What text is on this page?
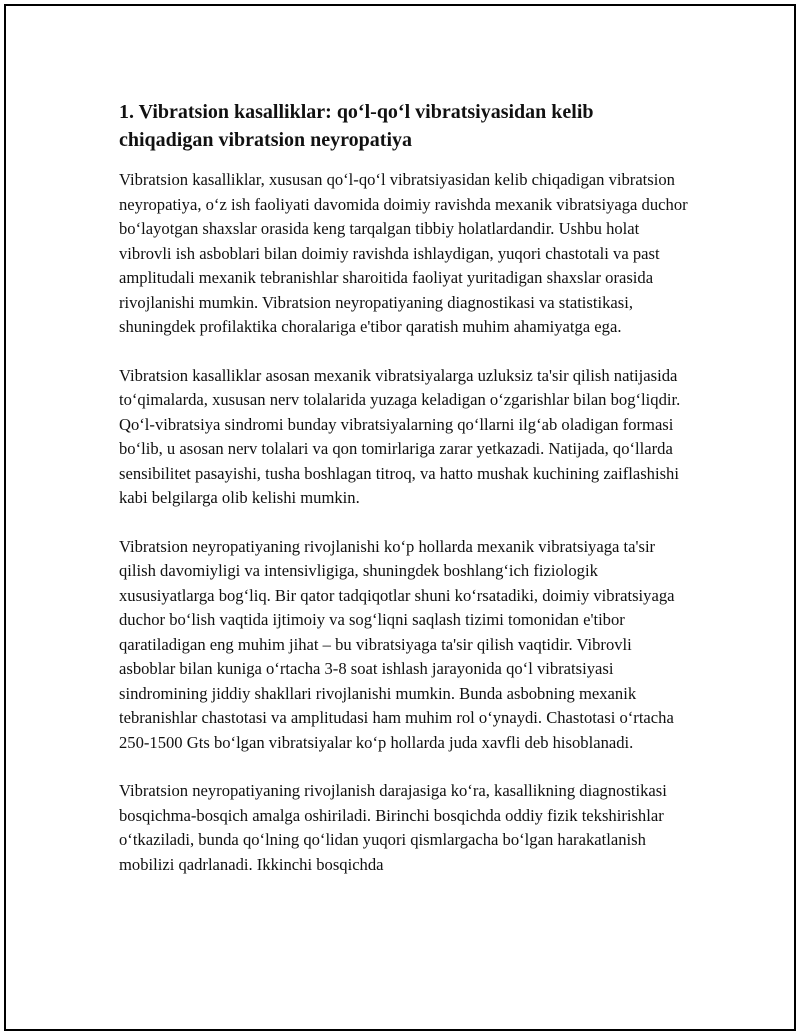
1. Vibratsion kasalliklar: qo‘l-qo‘l vibratsiyasidan kelib chiqadigan vibratsion neyropatiya

Vibratsion kasalliklar, xususan qo‘l-qo‘l vibratsiyasidan kelib chiqadigan vibratsion neyropatiya, o‘z ish faoliyati davomida doimiy ravishda mexanik vibratsiyaga duchor bo‘layotgan shaxslar orasida keng tarqalgan tibbiy holatlardandir. Ushbu holat vibrovli ish asboblari bilan doimiy ravishda ishlaydigan, yuqori chastotali va past amplitudali mexanik tebranishlar sharoitida faoliyat yuritadigan shaxslar orasida rivojlanishi mumkin. Vibratsion neyropatiyaning diagnostikasi va statistikasi, shuningdek profilaktika choralariga e'tibor qaratish muhim ahamiyatga ega.

Vibratsion kasalliklar asosan mexanik vibratsiyalarga uzluksiz ta'sir qilish natijasida to‘qimalarda, xususan nerv tolalarida yuzaga keladigan o‘zgarishlar bilan bog‘liqdir. Qo‘l-vibratsiya sindromi bunday vibratsiyalarning qo‘llarni ilg‘ab oladigan formasi bo‘lib, u asosan nerv tolalari va qon tomirlariga zarar yetkazadi. Natijada, qo‘llarda sensibilitet pasayishi, tusha boshlagan titroq, va hatto mushak kuchining zaiflashishi kabi belgilarga olib kelishi mumkin.

Vibratsion neyropatiyaning rivojlanishi ko‘p hollarda mexanik vibratsiyaga ta'sir qilish davomiyligi va intensivligiga, shuningdek boshlang‘ich fiziologik xususiyatlarga bog‘liq. Bir qator tadqiqotlar shuni ko‘rsatadiki, doimiy vibratsiyaga duchor bo‘lish vaqtida ijtimoiy va sog‘liqni saqlash tizimi tomonidan e'tibor qaratiladigan eng muhim jihat – bu vibratsiyaga ta'sir qilish vaqtidir. Vibrovli asboblar bilan kuniga o‘rtacha 3-8 soat ishlash jarayonida qo‘l vibratsiyasi sindromining jiddiy shakllari rivojlanishi mumkin. Bunda asbobning mexanik tebranishlar chastotasi va amplitudasi ham muhim rol o‘ynaydi. Chastotasi o‘rtacha 250-1500 Gts bo‘lgan vibratsiyalar ko‘p hollarda juda xavfli deb hisoblanadi.

Vibratsion neyropatiyaning rivojlanish darajasiga ko‘ra, kasallikning diagnostikasi bosqichma-bosqich amalga oshiriladi. Birinchi bosqichda oddiy fizik tekshirishlar o‘tkaziladi, bunda qo‘lning qo‘lidan yuqori qismlargacha bo‘lgan harakatlanish mobilizi qadrlanadi. Ikkinchi bosqichda
